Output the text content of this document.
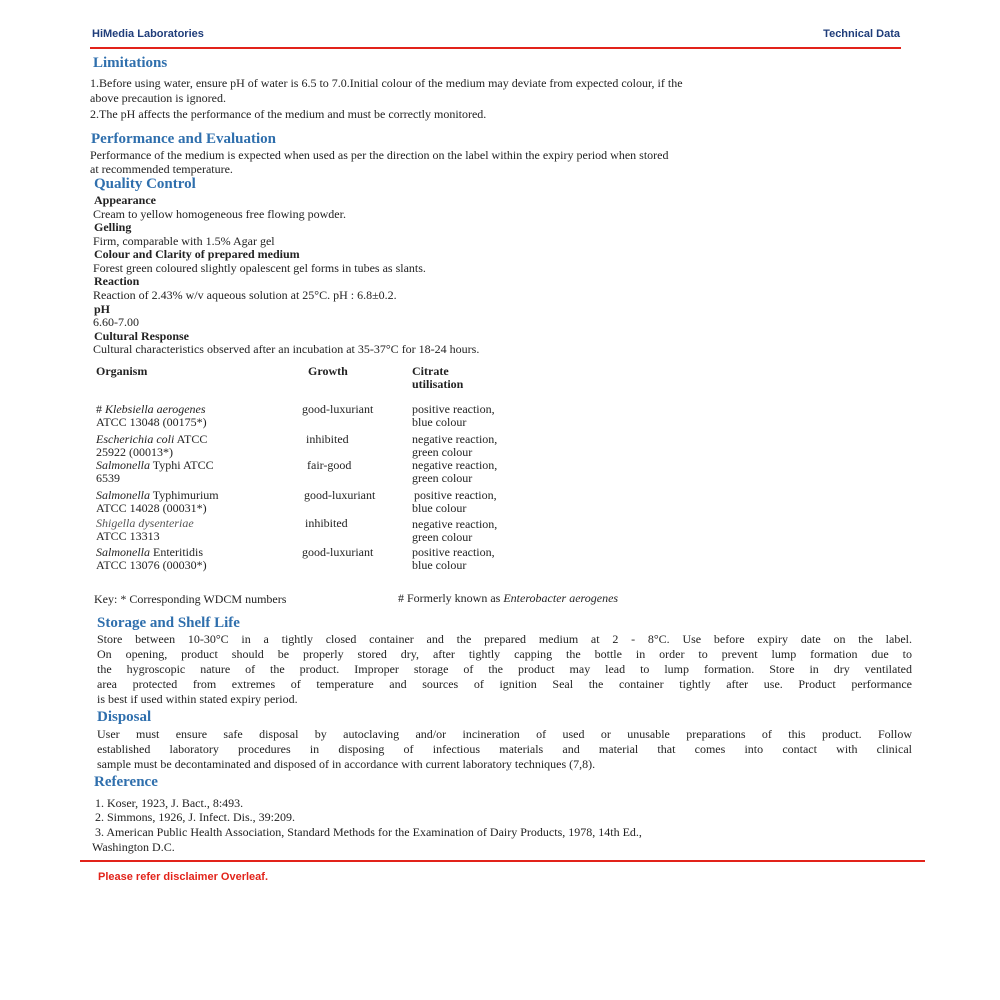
HiMedia Laboratories	Technical Data
Limitations
1.Before using water, ensure pH of water is 6.5 to 7.0.Initial colour of the medium may deviate from expected colour, if the
above precaution is ignored.
2.The pH affects the performance of the medium and must be correctly monitored.
Performance and Evaluation
Performance of the medium is expected when used as per the direction on the label within the expiry period when stored
at recommended temperature.
Quality Control
Appearance
Cream to yellow homogeneous free flowing powder.
Gelling
Firm, comparable with 1.5% Agar gel
Colour and Clarity of prepared medium
Forest green coloured slightly opalescent gel forms in tubes as slants.
Reaction
Reaction of 2.43% w/v aqueous solution at 25°C. pH : 6.8±0.2.
pH
6.60-7.00
Cultural Response
Cultural characteristics observed after an incubation at 35-37°C for 18-24 hours.
Organism	Growth	Citrate
utilisation
# Klebsiella aerogenes
ATCC 13048 (00175*)
good-luxuriant	positive reaction,
blue colour
Escherichia coli ATCC
25922 (00013*)
inhibited	negative reaction,
green colour
Salmonella Typhi ATCC
6539
fair-good	negative reaction,
green colour
Salmonella Typhimurium
ATCC 14028 (00031*)
good-luxuriant	positive reaction,
blue colour
Shigella dysenteriae
ATCC 13313
inhibited	negative reaction,
green colour
Salmonella Enteritidis
ATCC 13076 (00030*)
good-luxuriant	positive reaction,
blue colour
Key: * Corresponding WDCM numbers	# Formerly known as Enterobacter aerogenes
Storage and Shelf Life
Store between 10-30°C in a tightly closed container and the prepared medium at 2 - 8°C. Use before expiry date on the label.
On opening, product should be properly stored dry, after tightly capping the bottle in order to prevent lump formation due to
the hygroscopic nature of the product. Improper storage of the product may lead to lump formation. Store in dry ventilated
area protected from extremes of temperature and sources of ignition Seal the container tightly after use. Product performance
is best if used within stated expiry period.
Disposal
User must ensure safe disposal by autoclaving and/or incineration of used or unusable preparations of this product. Follow
established laboratory procedures in disposing of infectious materials and material that comes into contact with clinical
sample must be decontaminated and disposed of in accordance with current laboratory techniques (7,8).
Reference
1. Koser, 1923, J. Bact., 8:493.
2. Simmons, 1926, J. Infect. Dis., 39:209.
3. American Public Health Association, Standard Methods for the Examination of Dairy Products, 1978, 14th Ed.,
Washington D.C.
Please refer disclaimer Overleaf.
